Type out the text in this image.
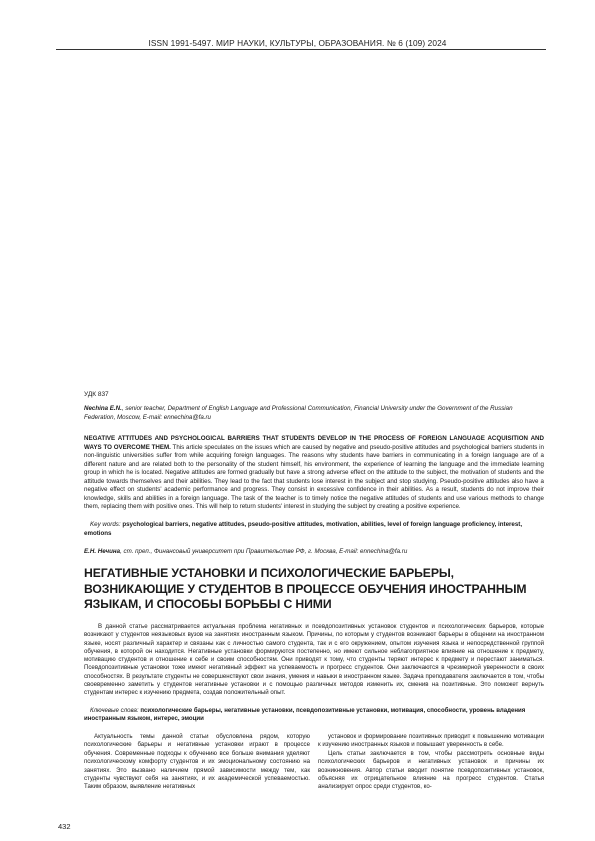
ISSN 1991-5497. МИР НАУКИ, КУЛЬТУРЫ, ОБРАЗОВАНИЯ. № 6 (109) 2024
УДК 837
Nechina E.N., senior teacher, Department of English Language and Professional Communication, Financial University under the Government of the Russian Federation, Moscow, E-mail: ennechina@fa.ru
NEGATIVE ATTITUDES AND PSYCHOLOGICAL BARRIERS THAT STUDENTS DEVELOP IN THE PROCESS OF FOREIGN LANGUAGE ACQUISITION AND WAYS TO OVERCOME THEM. This article speculates on the issues which are caused by negative and pseudo-positive attitudes and psychological barriers students in non-linguistic universities suffer from while acquiring foreign languages. The reasons why students have barriers in communicating in a foreign language are of a different nature and are related both to the personality of the student himself, his environment, the experience of learning the language and the immediate learning group in which he is located. Negative attitudes are formed gradually but have a strong adverse effect on the attitude to the subject, the motivation of students and the attitude towards themselves and their abilities. They lead to the fact that students lose interest in the subject and stop studying. Pseudo-positive attitudes also have a negative effect on students' academic performance and progress. They consist in excessive confidence in their abilities. As a result, students do not improve their knowledge, skills and abilities in a foreign language. The task of the teacher is to timely notice the negative attitudes of students and use various methods to change them, replacing them with positive ones. This will help to return students' interest in studying the subject by creating a positive experience.
Key words: psychological barriers, negative attitudes, pseudo-positive attitudes, motivation, abilities, level of foreign language proficiency, interest, emotions
Е.Н. Нечина, ст. преп., Финансовый университет при Правительстве РФ, г. Москва, E-mail: ennechina@fa.ru
НЕГАТИВНЫЕ УСТАНОВКИ И ПСИХОЛОГИЧЕСКИЕ БАРЬЕРЫ, ВОЗНИКАЮЩИЕ У СТУДЕНТОВ В ПРОЦЕССЕ ОБУЧЕНИЯ ИНОСТРАННЫМ ЯЗЫКАМ, И СПОСОБЫ БОРЬБЫ С НИМИ
В данной статье рассматривается актуальная проблема негативных и псевдопозитивных установок студентов и психологических барьеров, которые возникают у студентов неязыковых вузов на занятиях иностранным языком. Причины, по которым у студентов возникают барьеры в общении на иностранном языке, носят различный характер и связаны как с личностью самого студента, так и с его окружением, опытом изучения языка и непосредственной группой обучения, в которой он находится. Негативные установки формируются постепенно, но имеют сильное неблагоприятное влияние на отношение к предмету, мотивацию студентов и отношение к себе и своим способностям. Они приводят к тому, что студенты теряют интерес к предмету и перестают заниматься. Псевдопозитивные установки тоже имеют негативный эффект на успеваемость и прогресс студентов. Они заключаются в чрезмерной уверенности в своих способностях. В результате студенты не совершенствуют свои знания, умения и навыки в иностранном языке. Задача преподавателя заключается в том, чтобы своевременно заметить у студентов негативные установки и с помощью различных методов изменить их, сменив на позитивные. Это поможет вернуть студентам интерес к изучению предмета, создав положительный опыт.
Ключевые слова: психологические барьеры, негативные установки, псевдопозитивные установки, мотивация, способности, уровень владения иностранным языком, интерес, эмоции
Актуальность темы данной статьи обусловлена рядом, которую психологические барьеры и негативные установки играют в процессе обучения. Современные подходы к обучению все больше внимания уделяют психологическому комфорту студентов и их эмоциональному состоянию на занятиях. Это вызвано наличием прямой зависимости между тем, как студенты чувствуют себя на занятиях, и их академической успеваемостью. Таким образом, выявление негативных

установок и формирование позитивных приводит к повышению мотивации к изучению иностранных языков и повышает уверенность в себе.

Цель статьи заключается в том, чтобы рассмотреть основные виды психологических барьеров и негативных установок и причины их возникновения. Автор статьи вводит понятие псевдопозитивных установок, объясняя их отрицательное влияние на прогресс студентов. Статья анализирует опрос среди студентов, ко-

432
